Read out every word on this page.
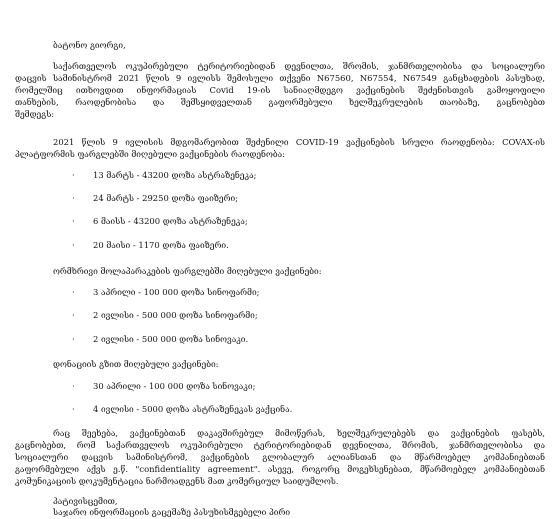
ბატონო გიორგი,
საქართველოს ოკუპირებული ტერიტორიებიდან დევნილთა, შრომის, ჯანმრთელობისა და სოციალური
დაცვის სამინისტრომ 2021 წლის 9 ივლისს შემოსული თქვენი N67560, N67554, N67549 განცხადების პასუხად,
რომელშიც ითხოვდით ინფორმაციას Covid 19-ის სანიაღმდეგო ვაქცინების შეძენისთვის გამოყოფილი
თანხების, რაოდენობისა და შემსყიდველთან გაფორმებული ხელშეკრულების თაობაზე, გაცნობებთ
შემდეგს:
2021 წლის 9 ივლისის მდგომარეობით შეძენილი COVID-19 ვაქცინების სრული რაოდენობა: COVAX-ის
პლატფორმის ფარგლებში მიღებული ვაქცინების რაოდენობა:
· 13 მარტს - 43200 დოზა ასტრაზენეკა;
· 24 მარტს - 29250 დოზა ფაიზერი;
· 6 მაისს - 43200 დოზა ასტრაზენეკა;
· 20 მაისი - 1170 დოზა ფაიზერი.
ორმხრივი მოლაპარაკების ფარგლებში მიღებული ვაქცინები:
· 3 აპრილი - 100 000 დოზა სინოფარმი;
· 2 ივლისი - 500 000 დოზა სინოფარმი;
· 2 ივლისი - 500 000 დოზა სინოვაკი.
დონაციის გზით მიღებული ვაქცინები:
· 30 აპრილი - 100 000 დოზა სინოვაკი;
· 4 ივლისი - 5000 დოზა ასტრაზენეკას ვაქცინა.
რაც შეეხება, ვაქცინებთან დაკავშირებულ მიმოწერას, ხელშეკრულებებს და ვაქცინების ფასებს,
გაცნობებთ, რომ საქართველოს ოკუპირებული ტერიტორიებიდან დევნილთა, შრომის, ჯანმრთელობისა და
სოციალური დაცვის სამინისტრომ, ვაქცინების გლობალურ ალიანსთან და მწარმოებელ კომპანიებთან
გაფორმებული აქვს ე.წ. "confidentiality agreement". ასევე, როგორც მოგეხსენებათ, მწარმოებელ კომპანიებთან
კომუნიკაციის დოკუმენტაცია ნარმოადგენს მათ კომერციულ საიდუმლოს.
პატივისცემით,
საჯარო ინფორმაციის გაცემაზე პასუხისმგებელი პირი
